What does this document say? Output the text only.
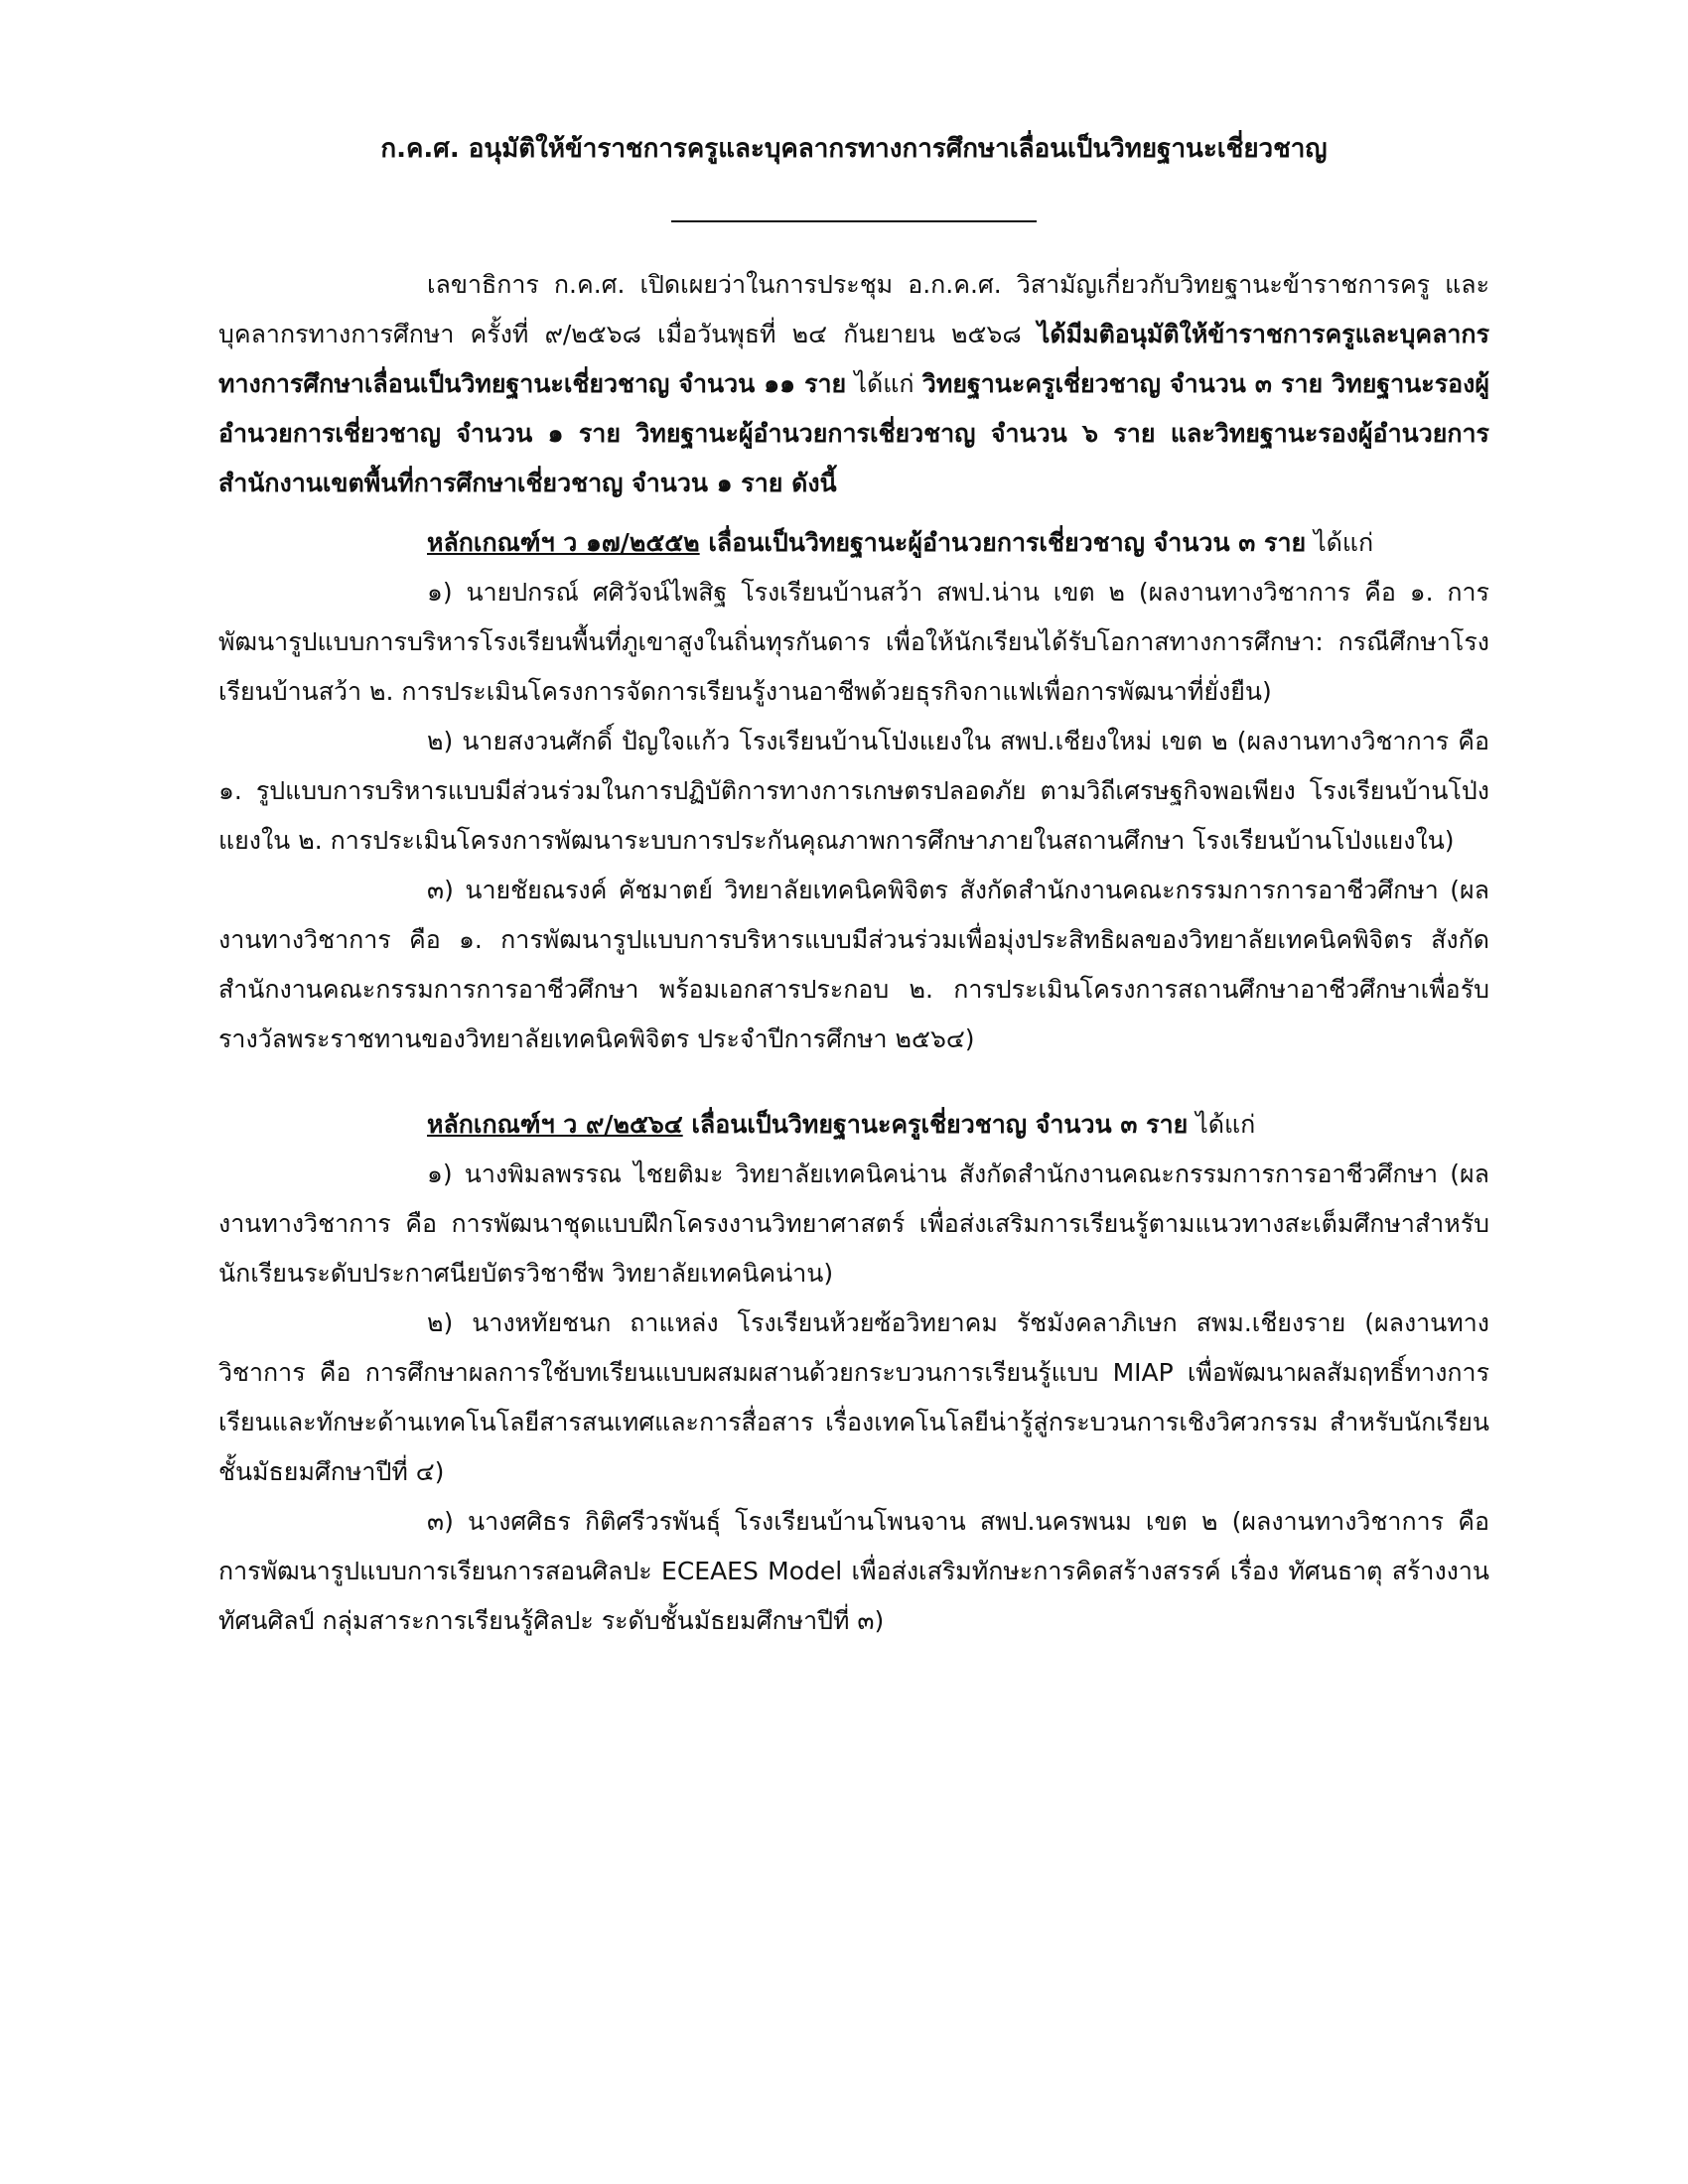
ก.ค.ศ. อนุมัติให้ข้าราชการครูและบุคลากรทางการศึกษาเลื่อนเป็นวิทยฐานะเชี่ยวชาญ

เลขาธิการ ก.ค.ศ. เปิดเผยว่าในการประชุม อ.ก.ค.ศ. วิสามัญเกี่ยวกับวิทยฐานะข้าราชการครู และบุคลากรทางการศึกษา ครั้งที่ ๙/๒๕๖๘ เมื่อวันพุธที่ ๒๔ กันยายน ๒๕๖๘ ได้มีมติอนุมัติให้ข้าราชการครูและบุคลากรทางการศึกษาเลื่อนเป็นวิทยฐานะเชี่ยวชาญ จำนวน ๑๑ ราย ได้แก่ วิทยฐานะครูเชี่ยวชาญ จำนวน ๓ ราย วิทยฐานะรองผู้อำนวยการเชี่ยวชาญ จำนวน ๑ ราย วิทยฐานะผู้อำนวยการเชี่ยวชาญ จำนวน ๖ ราย และวิทยฐานะรองผู้อำนวยการสำนักงานเขตพื้นที่การศึกษาเชี่ยวชาญ จำนวน ๑ ราย ดังนี้

หลักเกณฑ์ฯ ว ๑๗/๒๕๕๒ เลื่อนเป็นวิทยฐานะผู้อำนวยการเชี่ยวชาญ จำนวน ๓ ราย ได้แก่

๑) นายปกรณ์ ศศิวัจน์ไพสิฐ โรงเรียนบ้านสว้า สพป.น่าน เขต ๒ (ผลงานทางวิชาการ คือ ๑. การพัฒนารูปแบบการบริหารโรงเรียนพื้นที่ภูเขาสูงในถิ่นทุรกันดาร เพื่อให้นักเรียนได้รับโอกาสทางการศึกษา: กรณีศึกษาโรงเรียนบ้านสว้า ๒. การประเมินโครงการจัดการเรียนรู้งานอาชีพด้วยธุรกิจกาแฟเพื่อการพัฒนาที่ยั่งยืน)

๒) นายสงวนศักดิ์ ปัญใจแก้ว โรงเรียนบ้านโป่งแยงใน สพป.เชียงใหม่ เขต ๒ (ผลงานทางวิชาการ คือ ๑. รูปแบบการบริหารแบบมีส่วนร่วมในการปฏิบัติการทางการเกษตรปลอดภัย ตามวิถีเศรษฐกิจพอเพียง โรงเรียนบ้านโป่งแยงใน ๒. การประเมินโครงการพัฒนาระบบการประกันคุณภาพการศึกษาภายในสถานศึกษา โรงเรียนบ้านโป่งแยงใน)

๓) นายชัยณรงค์ คัชมาตย์ วิทยาลัยเทคนิคพิจิตร สังกัดสำนักงานคณะกรรมการการอาชีวศึกษา (ผลงานทางวิชาการ คือ ๑. การพัฒนารูปแบบการบริหารแบบมีส่วนร่วมเพื่อมุ่งประสิทธิผลของวิทยาลัยเทคนิคพิจิตร สังกัดสำนักงานคณะกรรมการการอาชีวศึกษา พร้อมเอกสารประกอบ ๒. การประเมินโครงการสถานศึกษาอาชีวศึกษาเพื่อรับรางวัลพระราชทานของวิทยาลัยเทคนิคพิจิตร ประจำปีการศึกษา ๒๕๖๔)

หลักเกณฑ์ฯ ว ๙/๒๕๖๔ เลื่อนเป็นวิทยฐานะครูเชี่ยวชาญ จำนวน ๓ ราย ได้แก่

๑) นางพิมลพรรณ ไชยติมะ วิทยาลัยเทคนิคน่าน สังกัดสำนักงานคณะกรรมการการอาชีวศึกษา (ผลงานทางวิชาการ คือ การพัฒนาชุดแบบฝึกโครงงานวิทยาศาสตร์ เพื่อส่งเสริมการเรียนรู้ตามแนวทางสะเต็มศึกษาสำหรับนักเรียนระดับประกาศนียบัตรวิชาชีพ วิทยาลัยเทคนิคน่าน)

๒) นางหทัยชนก ถาแหล่ง โรงเรียนห้วยซ้อวิทยาคม รัชมังคลาภิเษก สพม.เชียงราย (ผลงานทางวิชาการ คือ การศึกษาผลการใช้บทเรียนแบบผสมผสานด้วยกระบวนการเรียนรู้แบบ MIAP เพื่อพัฒนาผลสัมฤทธิ์ทางการเรียนและทักษะด้านเทคโนโลยีสารสนเทศและการสื่อสาร เรื่องเทคโนโลยีน่ารู้สู่กระบวนการเชิงวิศวกรรม สำหรับนักเรียนชั้นมัธยมศึกษาปีที่ ๔)

๓) นางศศิธร กิติศรีวรพันธุ์ โรงเรียนบ้านโพนจาน สพป.นครพนม เขต ๒ (ผลงานทางวิชาการ คือ การพัฒนารูปแบบการเรียนการสอนศิลปะ ECEAES Model เพื่อส่งเสริมทักษะการคิดสร้างสรรค์ เรื่อง ทัศนธาตุ สร้างงานทัศนศิลป์ กลุ่มสาระการเรียนรู้ศิลปะ ระดับชั้นมัธยมศึกษาปีที่ ๓)
